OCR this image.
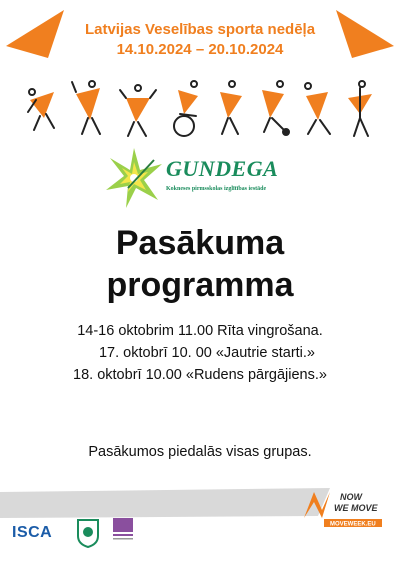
Latvijas Veselības sporta nedēļa
14.10.2024 – 20.10.2024
GUNDEGA
Kokneses pirmsskolas izglītības iestāde
Pasākuma
programma
14-16 oktobrim 11.00 Rīta vingrošana.
17. oktobrī 10. 00 «Jautrie starti.»
18. oktobrī 10.00 «Rudens pārgājiens.»
Pasākumos piedalās visas grupas.
NOW
WE MOVE
MOVEWEEK.EU
ISCA
